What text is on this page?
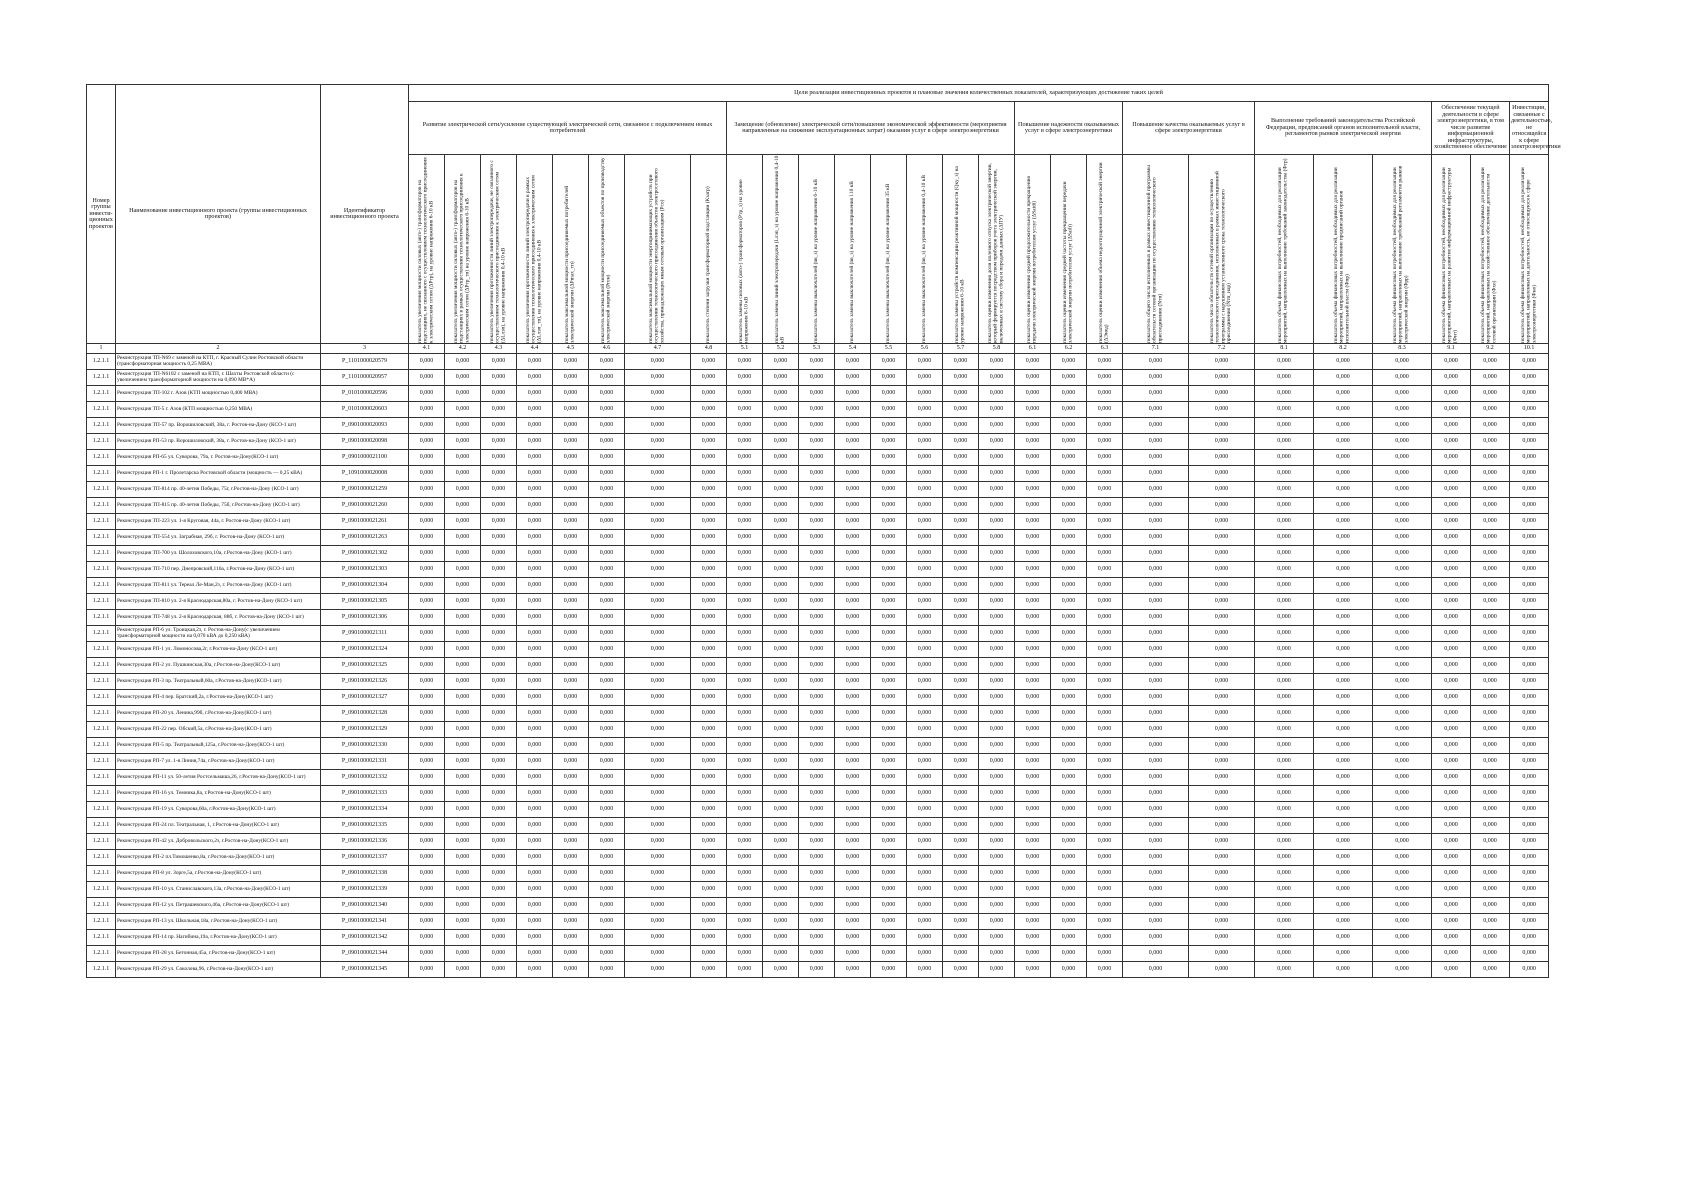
Номер группы инвести-ционных проектов	Наименование инвестиционного проекта (группы инвестиционных проектов)	Идентификатор инвестиционного проекта	Цели реализации инвестиционных проектов и плановые значения количественных показателей, характеризующих достижение таких целей																										
			Развитие электрической сети/усиление существующей электрической сети, связанное с подключением новых потребителей								Замещение (обновление) электрической сети/повышение экономической эффективности (мероприятия направленные на снижение эксплуатационных затрат) оказания услуг в сфере электроэнергетики								Повышение надежности оказываемых услуг в сфере электроэнергетики			Повышение качества оказываемых услуг в сфере электроэнергетики		Выполнение требований законодательства Российской Федерации, предписаний органов исполнительной власти, регламентов рынков электрической энергии			Обеспечение текущей деятельности в сфере электроэнергетики, в том числе развитие информационной инфраструктуры, хозяйственное обеспечение		Инвестиции, связанные с деятельностью, не относящейся к сфере электроэнергетики

			показатель увеличения мощности силовых (авто-) трансформаторов на подстанциях, не связанного с осуществлением технологического присоединения к электрическим сетям (ΔPтр), на уровне напряжения 6-10 кВ	показатель увеличения мощности силовых (авто-) трансформаторов на подстанциях в рамках осуществления технологического присоединения к электрическим сетям (ΔPтр_тп) на уровне напряжения 6-10 кВ	показатель увеличения протяженности линий электропередачи, не связанного с осуществлением технологического присоединения к электрическим сетям (ΔLлэп), на уровне напряжения 0,4-10 кВ	показатель увеличения протяженности линий электропередачи в рамках осуществления технологического присоединения к электрическим сетям (ΔLлэп_тп), на уровне напряжения 0,4-10 кВ	показатель максимальной мощности присоединяемых потребителей электрической энергии (ΔPmax_тп)	показатель максимальной мощности присоединяемых объектов по производству электрической энергии (Pген)	показатель максимальной мощности энергопринимающих устройств при осуществлении технологического присоединения объектов электросетевого хозяйства, принадлежащих иным сетевым организациям (Pсо)	показатель степени загрузки трансформаторной подстанции (Kзагр)	показатель замены силовых (авто-) трансформаторов (Pтр_з) на уровне напряжения 6-10 кВ	показатель замены линий электропередачи (Lлэп_з) на уровне напряжения 0,4-10 кВ	показатель замены выключателей (nв_з) на уровне напряжения 6-10 кВ	показатель замены выключателей (nв_з) на уровне напряжения 110 кВ	показатель замены выключателей (nв_з) на уровне напряжения 35 кВ	показатель замены выключателей (nв_з) на уровне напряжения 0,4-10 кВ	показатель замены устройств компенсации реактивной мощности (Qку_з) на уровне напряжения 6-10 кВ	показатель оценки изменения доли полезного отпуска электрической энергии, который формируется посредством приборов учета электрической энергии, включенных в систему сбора и передачи данных (ΔПУ)	показатель оценки изменения средней продолжительности прекращения передачи электрической энергии потребителям услуг (ΔSaidi)	показатель оценки изменения средней частоты прекращения передачи электрической энергии потребителям услуг (ΔSaifi)	показатель оценки изменения объема недоотпущенной электрической энергии (ΔЭнед)	показатель общего числа исполненных в рамках инвестиционной программы обязательств сетевой организации по осуществлению технологического присоединения (Nтп)	показатель числа обязательств сетевой организации по осуществлению технологического присоединения, исполненных в рамках инвестиционной программы с нарушением установленного срока технологического присоединения (Nтп_нар)	показатель объема финансовых потребностей, необходимых для реализации мероприятий, направленных на выполнение требований законодательства (Фтр)	показатель объема финансовых потребностей, необходимых для реализации мероприятий, направленных на выполнение предписаний органов исполнительной власти (Фпр)	показатель объема финансовых потребностей, необходимых для реализации мероприятий, направленных на выполнение требований регламентов рынков электрической энергии (Фрр)	показатель объема финансовых потребностей, необходимых для реализации мероприятий, направленных на развитие информационной инфраструктуры (Фит)	показатель объема финансовых потребностей, необходимых для реализации мероприятий, направленных на хозяйственное обеспечение деятельности сетевой организации (Фхо)	показатель объема финансовых потребностей, необходимых для реализации мероприятий, направленных на деятельность, не относящуюся к сфере электроэнергетики (Фно)

1	2	3	4.1	4.2	4.3	4.4	4.5	4.6	4.7	4.8	5.1	5.2	5.3	5.4	5.5	5.6	5.7	5.8	6.1	6.2	6.3	7.1	7.2	8.1	8.2	8.3	9.1	9.2	10.1
1.2.1.1	Реконструкция ТП-N69 с заменой на КТП, г. Красный Сулин Ростовской области (трансформаторная мощность 0,25 МВА)	P_1101000020579	0,000	0,000	0,000	0,000	0,000	0,000	0,000	0,000	0,000	0,000	0,000	0,000	0,000	0,000	0,000	0,000	0,000	0,000	0,000	0,000	0,000	0,000	0,000	0,000	0,000	0,000	0,000
1.2.1.1	Реконструкция ТП-N6102 с заменой на КТП, г. Шахты Ростовской области (с увеличением трансформаторной мощности на 0,090 МВ*А)	P_1101000020957	0,000	0,000	0,000	0,000	0,000	0,000	0,000	0,000	0,000	0,000	0,000	0,000	0,000	0,000	0,000	0,000	0,000	0,000	0,000	0,000	0,000	0,000	0,000	0,000	0,000	0,000	0,000
1.2.1.1	Реконструкция ТП-102 г. Азов (КТП мощностью 0,400 МВА)	P_0101000020596	0,000	0,000	0,000	0,000	0,000	0,000	0,000	0,000	0,000	0,000	0,000	0,000	0,000	0,000	0,000	0,000	0,000	0,000	0,000	0,000	0,000	0,000	0,000	0,000	0,000	0,000	0,000
1.2.1.1	Реконструкция ТП-5 г. Азов (КТП мощностью 0,250 МВА)	P_0101000020603	0,000	0,000	0,000	0,000	0,000	0,000	0,000	0,000	0,000	0,000	0,000	0,000	0,000	0,000	0,000	0,000	0,000	0,000	0,000	0,000	0,000	0,000	0,000	0,000	0,000	0,000	0,000
1.2.1.1	Реконструкция ТП-57 пр. Ворошиловский, 38а, г. Ростов-на-Дону (КСО-1 шт)	P_0901000020093	0,000	0,000	0,000	0,000	0,000	0,000	0,000	0,000	0,000	0,000	0,000	0,000	0,000	0,000	0,000	0,000	0,000	0,000	0,000	0,000	0,000	0,000	0,000	0,000	0,000	0,000	0,000
1.2.1.1	Реконструкция РП-53 пр. Ворошиловский, 38а, г. Ростов-на-Дону (КСО-1 шт)	P_0901000020098	0,000	0,000	0,000	0,000	0,000	0,000	0,000	0,000	0,000	0,000	0,000	0,000	0,000	0,000	0,000	0,000	0,000	0,000	0,000	0,000	0,000	0,000	0,000	0,000	0,000	0,000	0,000
1.2.1.1	Реконструкция РП-65 ул. Суворова, 79а, г. Ростов-на-Дону(КСО-1 шт)	P_0901000021100	0,000	0,000	0,000	0,000	0,000	0,000	0,000	0,000	0,000	0,000	0,000	0,000	0,000	0,000	0,000	0,000	0,000	0,000	0,000	0,000	0,000	0,000	0,000	0,000	0,000	0,000	0,000
1.2.1.1	Реконструкция РП-1 г. Пролетарска Ростовской области (мощность — 0,25 кВА)	P_1091000020008	0,000	0,000	0,000	0,000	0,000	0,000	0,000	0,000	0,000	0,000	0,000	0,000	0,000	0,000	0,000	0,000	0,000	0,000	0,000	0,000	0,000	0,000	0,000	0,000	0,000	0,000	0,000
1.2.1.1	Реконструкция ТП-814 пр. 40-летия Победы, 75г, г.Ростов-на-Дону (КСО-1 шт)	P_0901000021259	0,000	0,000	0,000	0,000	0,000	0,000	0,000	0,000	0,000	0,000	0,000	0,000	0,000	0,000	0,000	0,000	0,000	0,000	0,000	0,000	0,000	0,000	0,000	0,000	0,000	0,000	0,000
1.2.1.1	Реконструкция ТП-815 пр. 40-летия Победы, 75б, г.Ростов-на-Дону (КСО-1 шт)	P_0901000021260	0,000	0,000	0,000	0,000	0,000	0,000	0,000	0,000	0,000	0,000	0,000	0,000	0,000	0,000	0,000	0,000	0,000	0,000	0,000	0,000	0,000	0,000	0,000	0,000	0,000	0,000	0,000
1.2.1.1	Реконструкция ТП-223 ул. 1-я Круговая, 44а, г. Ростов-на-Дону (КСО-1 шт)	P_0901000021261	0,000	0,000	0,000	0,000	0,000	0,000	0,000	0,000	0,000	0,000	0,000	0,000	0,000	0,000	0,000	0,000	0,000	0,000	0,000	0,000	0,000	0,000	0,000	0,000	0,000	0,000	0,000
1.2.1.1	Реконструкция ТП-554 ул. Заграбная, 29б, г. Ростов-на-Дону (КСО-1 шт)	P_0901000021263	0,000	0,000	0,000	0,000	0,000	0,000	0,000	0,000	0,000	0,000	0,000	0,000	0,000	0,000	0,000	0,000	0,000	0,000	0,000	0,000	0,000	0,000	0,000	0,000	0,000	0,000	0,000
1.2.1.1	Реконструкция ТП-700 ул. Шолоховского,10а, г.Ростов-на-Дону (КСО-1 шт)	P_0901000021302	0,000	0,000	0,000	0,000	0,000	0,000	0,000	0,000	0,000	0,000	0,000	0,000	0,000	0,000	0,000	0,000	0,000	0,000	0,000	0,000	0,000	0,000	0,000	0,000	0,000	0,000	0,000
1.2.1.1	Реконструкция ТП-710 пер. Днепровский,116а, г.Ростов-на-Дону (КСО-1 шт)	P_0901000021303	0,000	0,000	0,000	0,000	0,000	0,000	0,000	0,000	0,000	0,000	0,000	0,000	0,000	0,000	0,000	0,000	0,000	0,000	0,000	0,000	0,000	0,000	0,000	0,000	0,000	0,000	0,000
1.2.1.1	Реконструкция ТП-811 ул. Тереал Ле-Ман,2з, г. Ростов-на-Дону (КСО-1 шт)	P_0901000021304	0,000	0,000	0,000	0,000	0,000	0,000	0,000	0,000	0,000	0,000	0,000	0,000	0,000	0,000	0,000	0,000	0,000	0,000	0,000	0,000	0,000	0,000	0,000	0,000	0,000	0,000	0,000
1.2.1.1	Реконструкция ТП-810 ул. 2-я Краснодарская,80а, г. Ростов-на-Дону (КСО-1 шт)	P_0901000021305	0,000	0,000	0,000	0,000	0,000	0,000	0,000	0,000	0,000	0,000	0,000	0,000	0,000	0,000	0,000	0,000	0,000	0,000	0,000	0,000	0,000	0,000	0,000	0,000	0,000	0,000	0,000
1.2.1.1	Реконструкция ТП-748 ул. 2-я Краснодарская, 88б, г. Ростов-на-Дону (КСО-1 шт)	P_0901000021306	0,000	0,000	0,000	0,000	0,000	0,000	0,000	0,000	0,000	0,000	0,000	0,000	0,000	0,000	0,000	0,000	0,000	0,000	0,000	0,000	0,000	0,000	0,000	0,000	0,000	0,000	0,000
1.2.1.1	Реконструкция РП-6 ул. Троицкая,2з, г. Ростов-на-Дону(с увеличением трансформаторной мощности на 0,070 кВА до 0,250 кВА)	P_0901000021311	0,000	0,000	0,000	0,000	0,000	0,000	0,000	0,000	0,000	0,000	0,000	0,000	0,000	0,000	0,000	0,000	0,000	0,000	0,000	0,000	0,000	0,000	0,000	0,000	0,000	0,000	0,000
1.2.1.1	Реконструкция РП-1 ул. Ломоносова,2г, г.Ростов-на-Дону (КСО-1 шт)	P_0901000021324	0,000	0,000	0,000	0,000	0,000	0,000	0,000	0,000	0,000	0,000	0,000	0,000	0,000	0,000	0,000	0,000	0,000	0,000	0,000	0,000	0,000	0,000	0,000	0,000	0,000	0,000	0,000
1.2.1.1	Реконструкция РП-2 ул. Пушкинская,30а, г.Ростов-на-Дону(КСО-1 шт)	P_0901000021325	0,000	0,000	0,000	0,000	0,000	0,000	0,000	0,000	0,000	0,000	0,000	0,000	0,000	0,000	0,000	0,000	0,000	0,000	0,000	0,000	0,000	0,000	0,000	0,000	0,000	0,000	0,000
1.2.1.1	Реконструкция РП-3 пр. Театральный,60а, г.Ростов-на-Дону(КСО-1 шт)	P_0901000021326	0,000	0,000	0,000	0,000	0,000	0,000	0,000	0,000	0,000	0,000	0,000	0,000	0,000	0,000	0,000	0,000	0,000	0,000	0,000	0,000	0,000	0,000	0,000	0,000	0,000	0,000	0,000
1.2.1.1	Реконструкция РП-4 пер. Братский,2а, г.Ростов-на-Дону(КСО-1 шт)	P_0901000021327	0,000	0,000	0,000	0,000	0,000	0,000	0,000	0,000	0,000	0,000	0,000	0,000	0,000	0,000	0,000	0,000	0,000	0,000	0,000	0,000	0,000	0,000	0,000	0,000	0,000	0,000	0,000
1.2.1.1	Реконструкция РП-20 ул. Ленина,99б, г.Ростов-на-Дону(КСО-1 шт)	P_0901000021328	0,000	0,000	0,000	0,000	0,000	0,000	0,000	0,000	0,000	0,000	0,000	0,000	0,000	0,000	0,000	0,000	0,000	0,000	0,000	0,000	0,000	0,000	0,000	0,000	0,000	0,000	0,000
1.2.1.1	Реконструкция РП-22 пер. Обский,5а, г.Ростов-на-Дону(КСО-1 шт)	P_0901000021329	0,000	0,000	0,000	0,000	0,000	0,000	0,000	0,000	0,000	0,000	0,000	0,000	0,000	0,000	0,000	0,000	0,000	0,000	0,000	0,000	0,000	0,000	0,000	0,000	0,000	0,000	0,000
1.2.1.1	Реконструкция РП-5 пр. Театральный,125а, г.Ростов-на-Дону(КСО-1 шт)	P_0901000021330	0,000	0,000	0,000	0,000	0,000	0,000	0,000	0,000	0,000	0,000	0,000	0,000	0,000	0,000	0,000	0,000	0,000	0,000	0,000	0,000	0,000	0,000	0,000	0,000	0,000	0,000	0,000
1.2.1.1	Реконструкция РП-7 ул. 1-я Линия,74а, г.Ростов-на-Дону(КСО-1 шт)	P_0901000021331	0,000	0,000	0,000	0,000	0,000	0,000	0,000	0,000	0,000	0,000	0,000	0,000	0,000	0,000	0,000	0,000	0,000	0,000	0,000	0,000	0,000	0,000	0,000	0,000	0,000	0,000	0,000
1.2.1.1	Реконструкция РП-11 ул. 50-летия Ростсельмаша,26, г.Ростов-на-Дону(КСО-1 шт)	P_0901000021332	0,000	0,000	0,000	0,000	0,000	0,000	0,000	0,000	0,000	0,000	0,000	0,000	0,000	0,000	0,000	0,000	0,000	0,000	0,000	0,000	0,000	0,000	0,000	0,000	0,000	0,000	0,000
1.2.1.1	Реконструкция РП-16 ул. Темника,8а, г.Ростов-на-Дону(КСО-1 шт)	P_0901000021333	0,000	0,000	0,000	0,000	0,000	0,000	0,000	0,000	0,000	0,000	0,000	0,000	0,000	0,000	0,000	0,000	0,000	0,000	0,000	0,000	0,000	0,000	0,000	0,000	0,000	0,000	0,000
1.2.1.1	Реконструкция РП-19 ул. Суворова,60а, г.Ростов-на-Дону(КСО-1 шт)	P_0901000021334	0,000	0,000	0,000	0,000	0,000	0,000	0,000	0,000	0,000	0,000	0,000	0,000	0,000	0,000	0,000	0,000	0,000	0,000	0,000	0,000	0,000	0,000	0,000	0,000	0,000	0,000	0,000
1.2.1.1	Реконструкция РП-24 пл. Театральная, 1, г.Ростов-на-Дону(КСО-1 шт)	P_0901000021335	0,000	0,000	0,000	0,000	0,000	0,000	0,000	0,000	0,000	0,000	0,000	0,000	0,000	0,000	0,000	0,000	0,000	0,000	0,000	0,000	0,000	0,000	0,000	0,000	0,000	0,000	0,000
1.2.1.1	Реконструкция РП-42 ул. Добровольского,2з, г.Ростов-на-Дону(КСО-1 шт)	P_0901000021336	0,000	0,000	0,000	0,000	0,000	0,000	0,000	0,000	0,000	0,000	0,000	0,000	0,000	0,000	0,000	0,000	0,000	0,000	0,000	0,000	0,000	0,000	0,000	0,000	0,000	0,000	0,000
1.2.1.1	Реконструкция РП-2 пл.Тимошенко,8а, г.Ростов-на-Дону(КСО-1 шт)	P_0901000021337	0,000	0,000	0,000	0,000	0,000	0,000	0,000	0,000	0,000	0,000	0,000	0,000	0,000	0,000	0,000	0,000	0,000	0,000	0,000	0,000	0,000	0,000	0,000	0,000	0,000	0,000	0,000
1.2.1.1	Реконструкция РП-8 ул. Зорге,5а, г.Ростов-на-Дону(КСО-1 шт)	P_0901000021338	0,000	0,000	0,000	0,000	0,000	0,000	0,000	0,000	0,000	0,000	0,000	0,000	0,000	0,000	0,000	0,000	0,000	0,000	0,000	0,000	0,000	0,000	0,000	0,000	0,000	0,000	0,000
1.2.1.1	Реконструкция РП-10 ул. Станиславского,13а, г.Ростов-на-Дону(КСО-1 шт)	P_0901000021339	0,000	0,000	0,000	0,000	0,000	0,000	0,000	0,000	0,000	0,000	0,000	0,000	0,000	0,000	0,000	0,000	0,000	0,000	0,000	0,000	0,000	0,000	0,000	0,000	0,000	0,000	0,000
1.2.1.1	Реконструкция РП-12 ул. Петрашевского,46а, г.Ростов-на-Дону(КСО-1 шт)	P_0901000021340	0,000	0,000	0,000	0,000	0,000	0,000	0,000	0,000	0,000	0,000	0,000	0,000	0,000	0,000	0,000	0,000	0,000	0,000	0,000	0,000	0,000	0,000	0,000	0,000	0,000	0,000	0,000
1.2.1.1	Реконструкция РП-13 ул. Школьная,18а, г.Ростов-на-Дону(КСО-1 шт)	P_0901000021341	0,000	0,000	0,000	0,000	0,000	0,000	0,000	0,000	0,000	0,000	0,000	0,000	0,000	0,000	0,000	0,000	0,000	0,000	0,000	0,000	0,000	0,000	0,000	0,000	0,000	0,000	0,000
1.2.1.1	Реконструкция РП-14 пр. Нагибина,19а, г.Ростов-на-Дону(КСО-1 шт)	P_0901000021342	0,000	0,000	0,000	0,000	0,000	0,000	0,000	0,000	0,000	0,000	0,000	0,000	0,000	0,000	0,000	0,000	0,000	0,000	0,000	0,000	0,000	0,000	0,000	0,000	0,000	0,000	0,000
1.2.1.1	Реконструкция РП-28 ул. Бетонная,45а, г.Ростов-на-Дону(КСО-1 шт)	P_0901000021344	0,000	0,000	0,000	0,000	0,000	0,000	0,000	0,000	0,000	0,000	0,000	0,000	0,000	0,000	0,000	0,000	0,000	0,000	0,000	0,000	0,000	0,000	0,000	0,000	0,000	0,000	0,000
1.2.1.1	Реконструкция РП-29 ул. Соколова,96, г.Ростов-на-Дону(КСО-1 шт)	P_0901000021345	0,000	0,000	0,000	0,000	0,000	0,000	0,000	0,000	0,000	0,000	0,000	0,000	0,000	0,000	0,000	0,000	0,000	0,000	0,000	0,000	0,000	0,000	0,000	0,000	0,000	0,000	0,000
